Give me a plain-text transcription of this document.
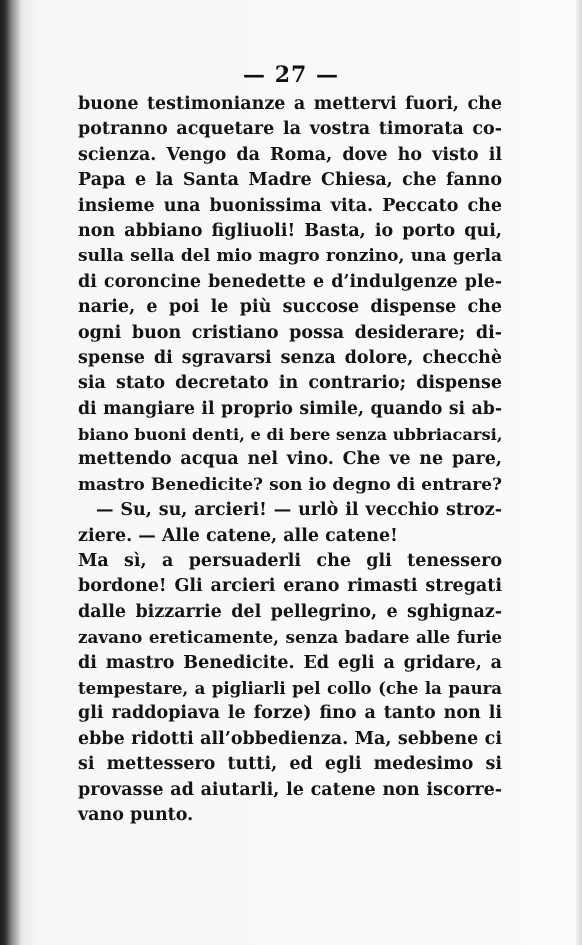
— 27 —
buone testimonianze a mettervi fuori, che
potranno acquetare la vostra timorata co-
scienza. Vengo da Roma, dove ho visto il
Papa e la Santa Madre Chiesa, che fanno
insieme una buonissima vita. Peccato che
non abbiano figliuoli! Basta, io porto qui,
sulla sella del mio magro ronzino, una gerla
di coroncine benedette e d’indulgenze ple-
narie, e poi le più succose dispense che
ogni buon cristiano possa desiderare; di-
spense di sgravarsi senza dolore, checchè
sia stato decretato in contrario; dispense
di mangiare il proprio simile, quando si ab-
biano buoni denti, e di bere senza ubbriacarsi,
mettendo acqua nel vino. Che ve ne pare,
mastro Benedicite? son io degno di entrare?
— Su, su, arcieri! — urlò il vecchio stroz-
ziere. — Alle catene, alle catene!
Ma sì, a persuaderli che gli tenessero
bordone! Gli arcieri erano rimasti stregati
dalle bizzarrie del pellegrino, e sghignaz-
zavano ereticamente, senza badare alle furie
di mastro Benedicite. Ed egli a gridare, a
tempestare, a pigliarli pel collo (che la paura
gli raddopiava le forze) fino a tanto non li
ebbe ridotti all’obbedienza. Ma, sebbene ci
si mettessero tutti, ed egli medesimo si
provasse ad aiutarli, le catene non iscorre-
vano punto.
